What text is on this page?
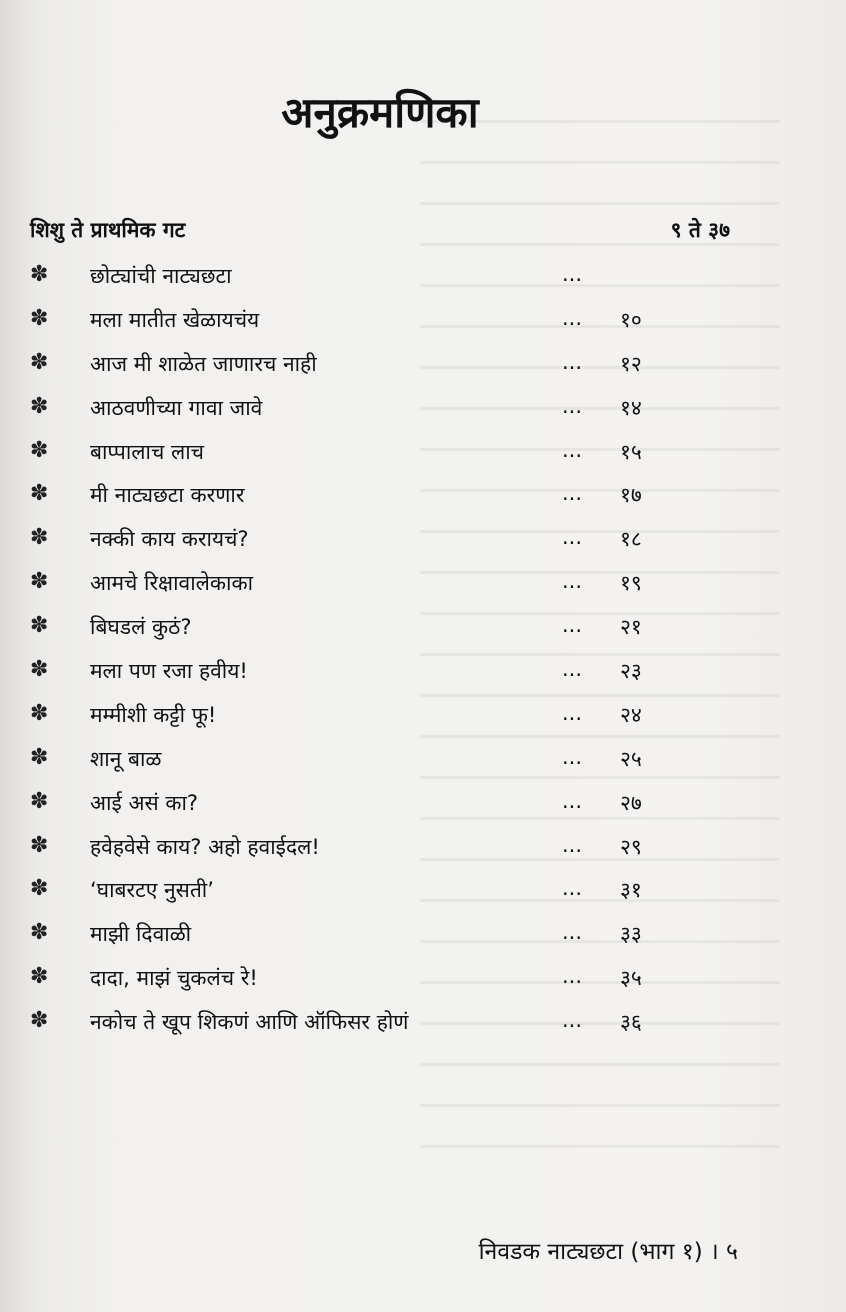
अनुक्रमणिका
शिशु ते प्राथमिक गट	९ ते ३७
✽ छोट्यांची नाट्यछटा	...
✽ मला मातीत खेळायचंय	... १०
✽ आज मी शाळेत जाणारच नाही	... १२
✽ आठवणीच्या गावा जावे	... १४
✽ बाप्पालाच लाच	... १५
✽ मी नाट्यछटा करणार	... १७
✽ नक्की काय करायचं?	... १८
✽ आमचे रिक्षावालेकाका	... १९
✽ बिघडलं कुठं?	... २१
✽ मला पण रजा हवीय!	... २३
✽ मम्मीशी कट्टी फू!	... २४
✽ शानू बाळ	... २५
✽ आई असं का?	... २७
✽ हवेहवेसे काय? अहो हवाईदल!	... २९
✽ ‘घाबरटए नुसती’	... ३१
✽ माझी दिवाळी	... ३३
✽ दादा, माझं चुकलंच रे!	... ३५
✽ नकोच ते खूप शिकणं आणि ऑफिसर होणं	... ३६
निवडक नाट्यछटा (भाग १) । ५
